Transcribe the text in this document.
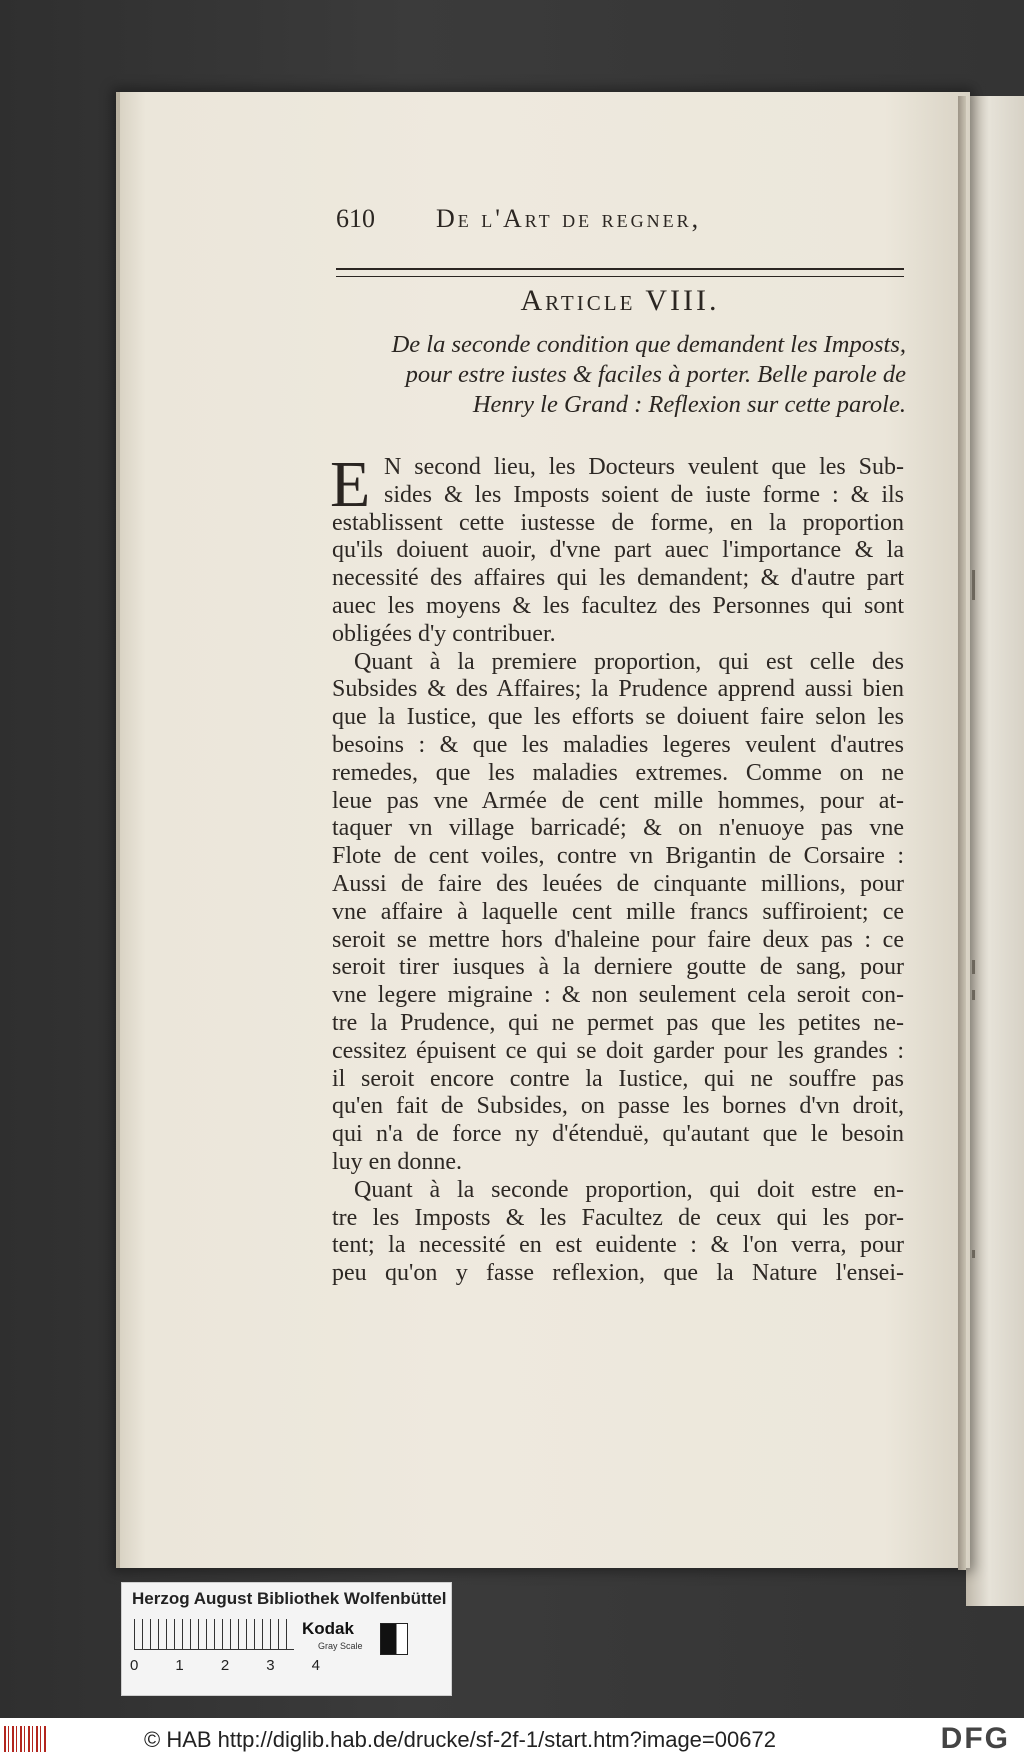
610 De l'Art de regner,
Article VIII.
De la seconde condition que demandent les Imposts,
pour estre iustes & faciles à porter. Belle parole de
Henry le Grand : Reflexion sur cette parole.
E N second lieu, les Docteurs veulent que les Sub-
sides & les Imposts soient de iuste forme : & ils
establissent cette iustesse de forme, en la proportion
qu'ils doiuent auoir, d'vne part auec l'importance & la
necessité des affaires qui les demandent; & d'autre part
auec les moyens & les facultez des Personnes qui sont
obligées d'y contribuer.
Quant à la premiere proportion, qui est celle des
Subsides & des Affaires; la Prudence apprend aussi bien
que la Iustice, que les efforts se doiuent faire selon les
besoins : & que les maladies legeres veulent d'autres
remedes, que les maladies extremes. Comme on ne
leue pas vne Armée de cent mille hommes, pour at-
taquer vn village barricadé; & on n'enuoye pas vne
Flote de cent voiles, contre vn Brigantin de Corsaire :
Aussi de faire des leuées de cinquante millions, pour
vne affaire à laquelle cent mille francs suffiroient; ce
seroit se mettre hors d'haleine pour faire deux pas : ce
seroit tirer iusques à la derniere goutte de sang, pour
vne legere migraine : & non seulement cela seroit con-
tre la Prudence, qui ne permet pas que les petites ne-
cessitez épuisent ce qui se doit garder pour les grandes :
il seroit encore contre la Iustice, qui ne souffre pas
qu'en fait de Subsides, on passe les bornes d'vn droit,
qui n'a de force ny d'étenduë, qu'autant que le besoin
luy en donne.
Quant à la seconde proportion, qui doit estre en-
tre les Imposts & les Facultez de ceux qui les por-
tent; la necessité en est euidente : & l'on verra, pour
peu qu'on y fasse reflexion, que la Nature l'ensei-
Herzog August Bibliothek Wolfenbüttel
0 1 2 3 4
Kodak
Gray Scale
© HAB http://diglib.hab.de/drucke/sf-2f-1/start.htm?image=00672	DFG
